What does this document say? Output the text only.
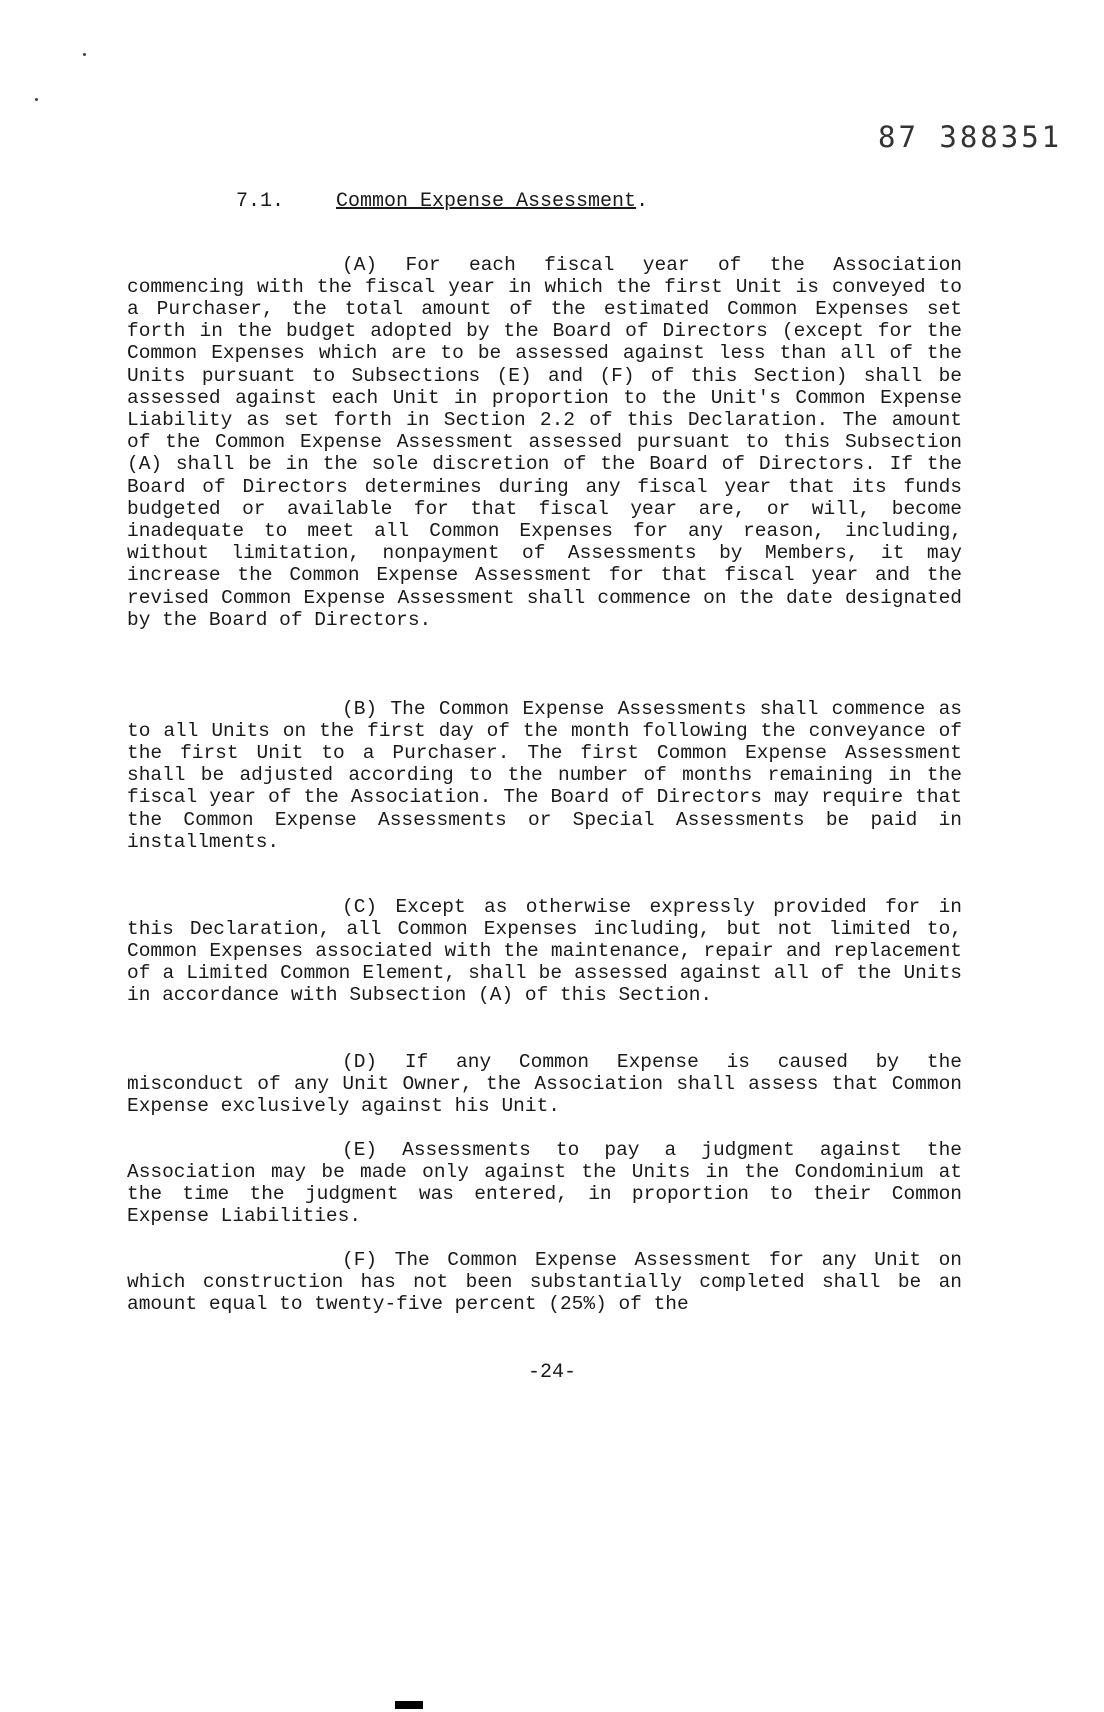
87 388351
7.1.	Common Expense Assessment.

(A) For each fiscal year of the Association commencing with the fiscal year in which the first Unit is conveyed to a Purchaser, the total amount of the estimated Common Expenses set forth in the budget adopted by the Board of Directors (except for the Common Expenses which are to be assessed against less than all of the Units pursuant to Subsections (E) and (F) of this Section) shall be assessed against each Unit in proportion to the Unit's Common Expense Liability as set forth in Section 2.2 of this Declaration. The amount of the Common Expense Assessment assessed pursuant to this Subsection (A) shall be in the sole discretion of the Board of Directors. If the Board of Directors determines during any fiscal year that its funds budgeted or available for that fiscal year are, or will, become inadequate to meet all Common Expenses for any reason, including, without limitation, nonpayment of Assessments by Members, it may increase the Common Expense Assessment for that fiscal year and the revised Common Expense Assessment shall commence on the date designated by the Board of Directors.

(B) The Common Expense Assessments shall commence as to all Units on the first day of the month following the conveyance of the first Unit to a Purchaser. The first Common Expense Assessment shall be adjusted according to the number of months remaining in the fiscal year of the Association. The Board of Directors may require that the Common Expense Assessments or Special Assessments be paid in installments.

(C) Except as otherwise expressly provided for in this Declaration, all Common Expenses including, but not limited to, Common Expenses associated with the maintenance, repair and replacement of a Limited Common Element, shall be assessed against all of the Units in accordance with Subsection (A) of this Section.

(D) If any Common Expense is caused by the misconduct of any Unit Owner, the Association shall assess that Common Expense exclusively against his Unit.

(E) Assessments to pay a judgment against the Association may be made only against the Units in the Condominium at the time the judgment was entered, in proportion to their Common Expense Liabilities.

(F) The Common Expense Assessment for any Unit on which construction has not been substantially completed shall be an amount equal to twenty-five percent (25%) of the

-24-
